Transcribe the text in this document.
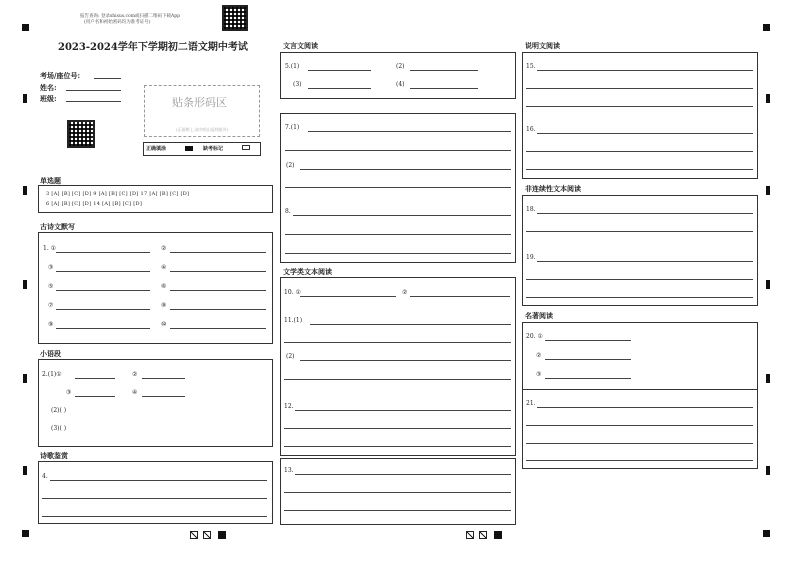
报告查询: 登录shisus.com或扫描二维码下载App
(用户名和初始密码均为准考证号)
2023-2024学年下学期初二语文期中考试
考场/座位号:
姓名:
班级:	贴条形码区
(正面朝上,请勿贴出虚线框外)
正确填涂	缺考标记
单选题
3 [A] [B] [C] [D] 9 [A] [B] [C] [D] 17 [A] [B] [C] [D]
6 [A] [B] [C] [D] 14 [A] [B] [C] [D]
古诗文默写
1. ①	②
③	④
⑤	⑥
⑦	⑧
⑨	⑩
小语段
2.(1)①	②
③	④
(2)( )
(3)( )
诗歌鉴赏
4.
文言文阅读
5.(1)	(2)
(3)	(4)
7.(1)
(2)
8.
文学类文本阅读
10. ①	②
11.(1)
(2)
12.
13.
说明文阅读
15.
16.
非连续性文本阅读
18.
19.
名著阅读
20. ①
②
③
21.
